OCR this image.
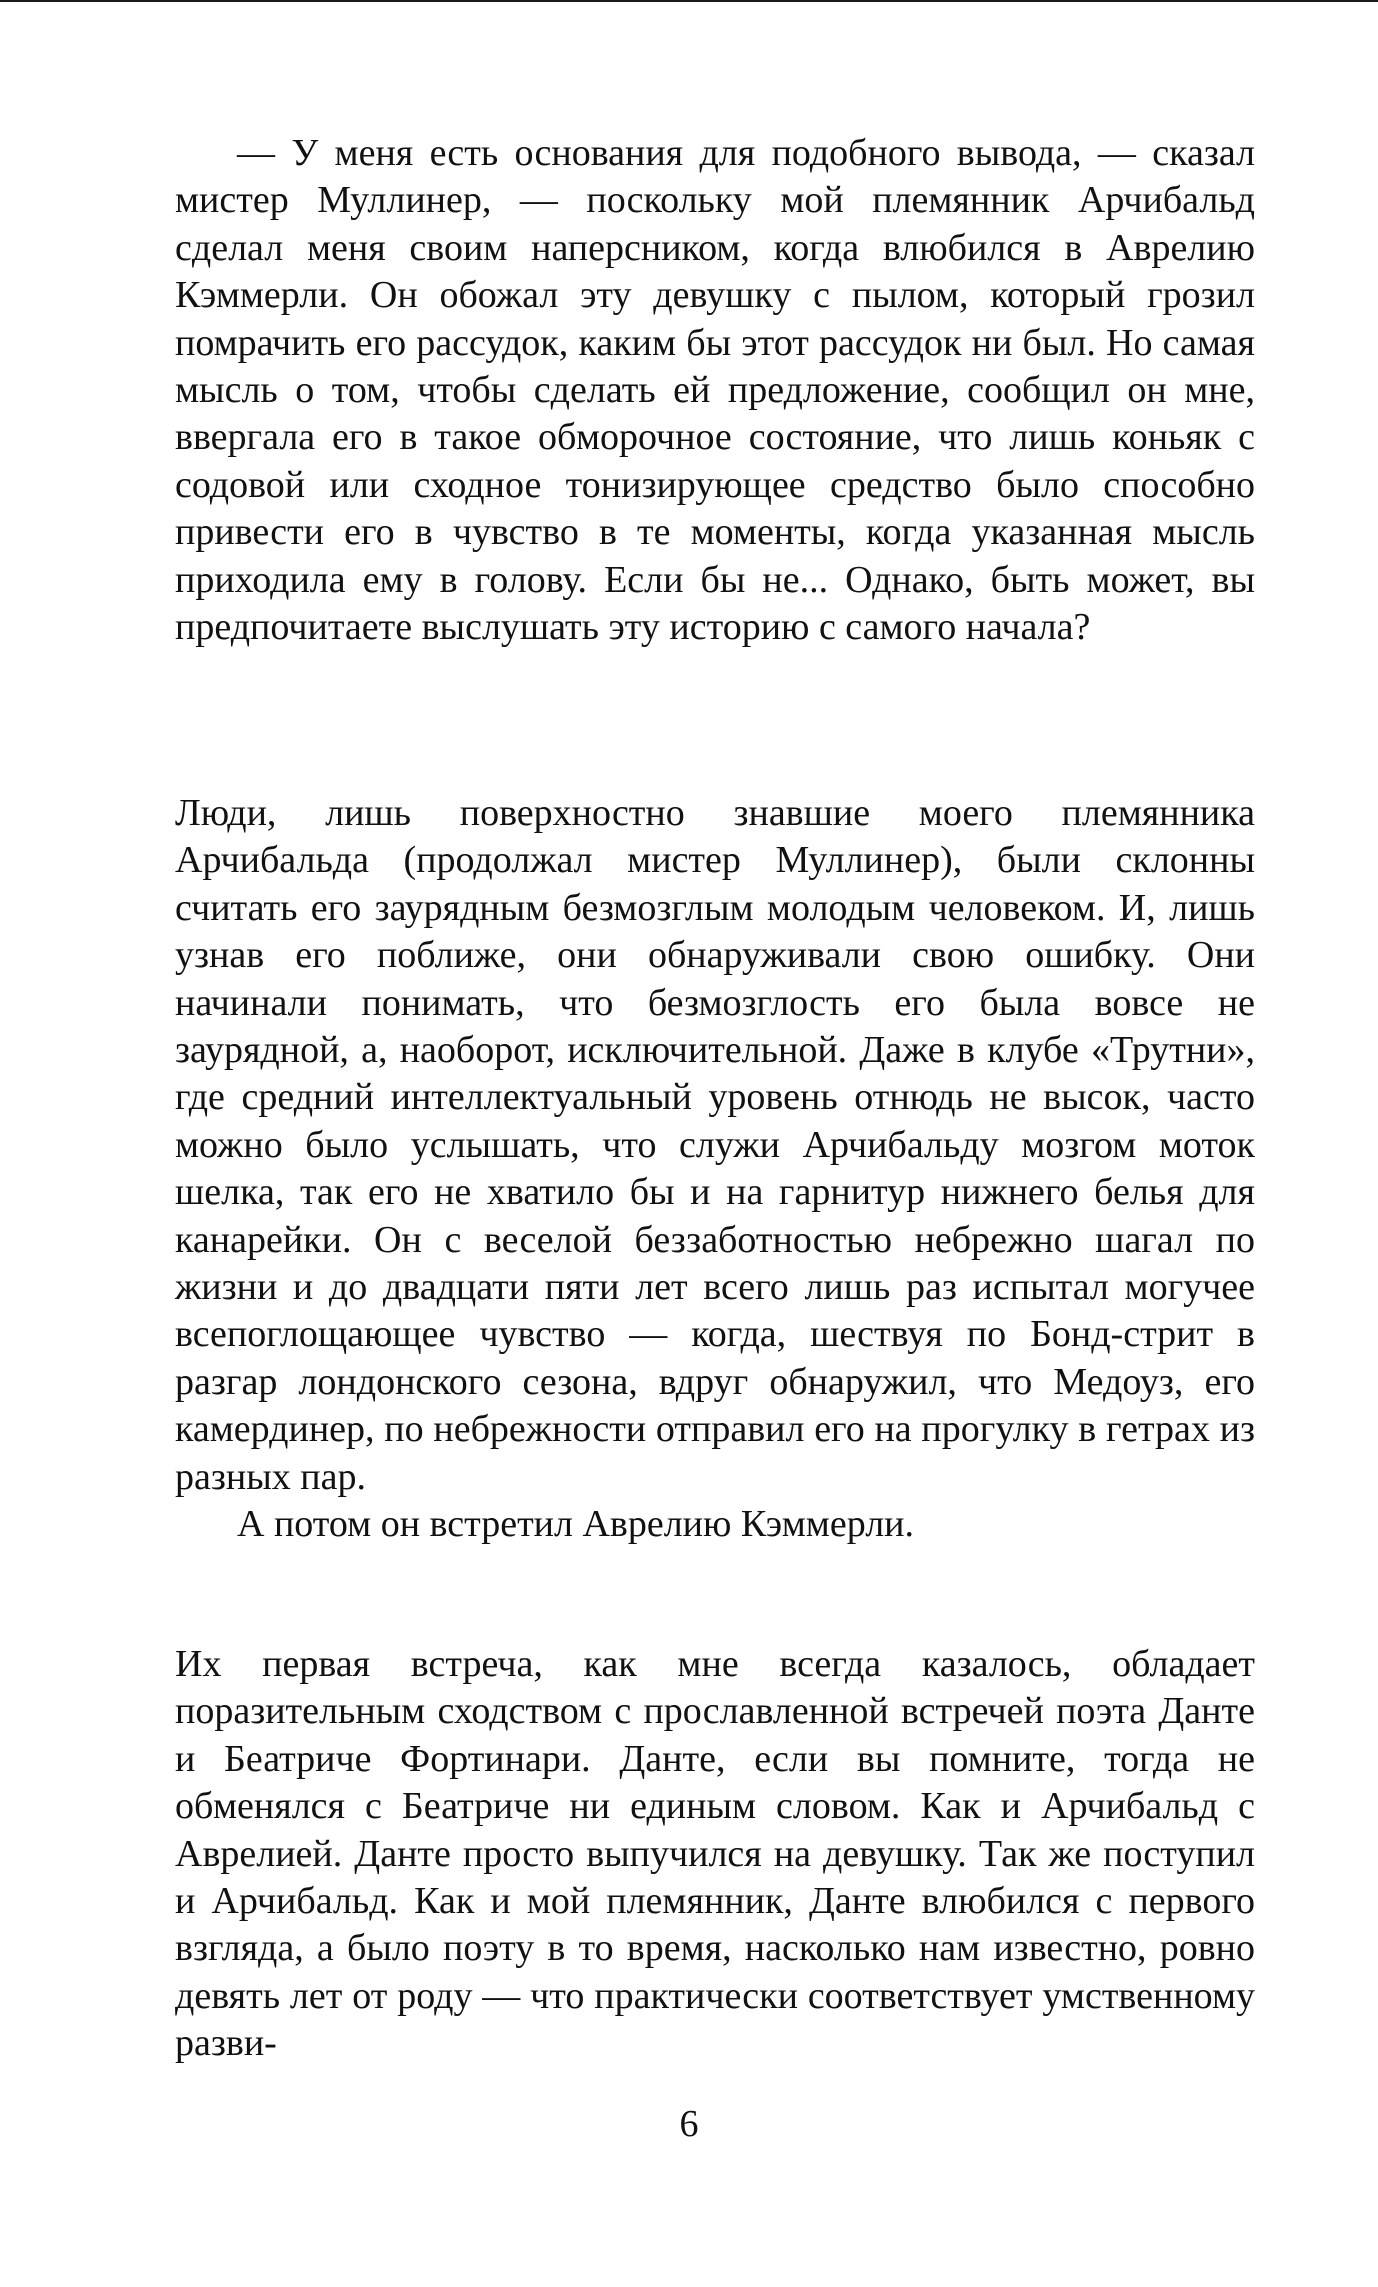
— У меня есть основания для подобного вывода, — сказал мистер Муллинер, — поскольку мой племянник Арчибальд сделал меня своим наперсником, когда влюбился в Аврелию Кэммерли. Он обожал эту девушку с пылом, который грозил помрачить его рассудок, каким бы этот рассудок ни был. Но самая мысль о том, чтобы сделать ей предложение, сообщил он мне, ввергала его в такое обморочное состояние, что лишь коньяк с содовой или сходное тонизирующее средство было способно привести его в чувство в те моменты, когда указанная мысль приходила ему в голову. Если бы не... Однако, быть может, вы предпочитаете выслушать эту историю с самого начала?

Люди, лишь поверхностно знавшие моего племянника Арчибальда (продолжал мистер Муллинер), были склонны считать его заурядным безмозглым молодым человеком. И, лишь узнав его поближе, они обнаруживали свою ошибку. Они начинали понимать, что безмозглость его была вовсе не заурядной, а, наоборот, исключительной. Даже в клубе «Трутни», где средний интеллектуальный уровень отнюдь не высок, часто можно было услышать, что служи Арчибальду мозгом моток шелка, так его не хватило бы и на гарнитур нижнего белья для канарейки. Он с веселой беззаботностью небрежно шагал по жизни и до двадцати пяти лет всего лишь раз испытал могучее всепоглощающее чувство — когда, шествуя по Бонд-стрит в разгар лондонского сезона, вдруг обнаружил, что Медоуз, его камердинер, по небрежности отправил его на прогулку в гетрах из разных пар.

А потом он встретил Аврелию Кэммерли.

Их первая встреча, как мне всегда казалось, обладает поразительным сходством с прославленной встречей поэта Данте и Беатриче Фортинари. Данте, если вы помните, тогда не обменялся с Беатриче ни единым словом. Как и Арчибальд с Аврелией. Данте просто выпучился на девушку. Так же поступил и Арчибальд. Как и мой племянник, Данте влюбился с первого взгляда, а было поэту в то время, насколько нам известно, ровно девять лет от роду — что практически соответствует умственному разви-

6
